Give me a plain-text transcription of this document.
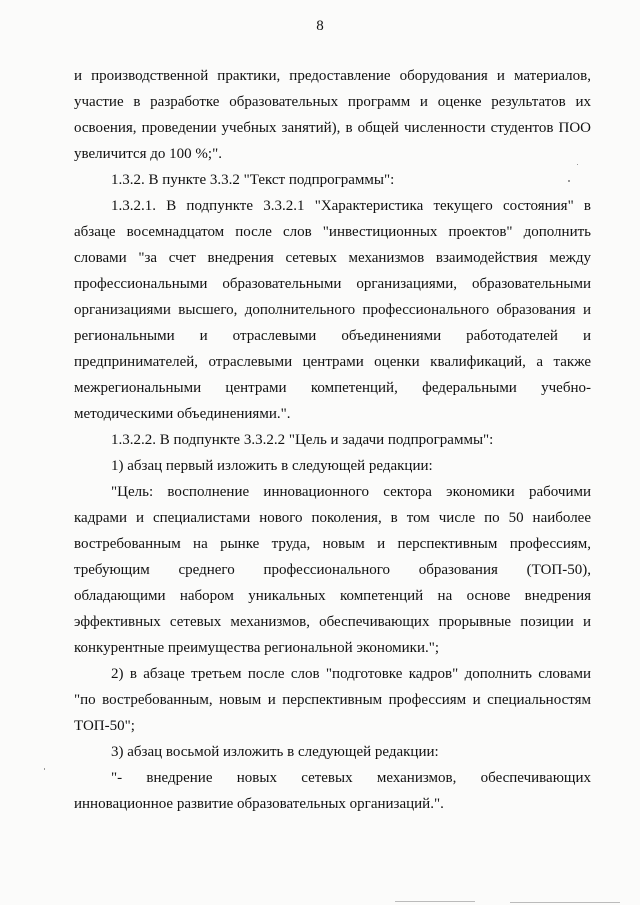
8
и производственной практики, предоставление оборудования и материалов,
участие в разработке образовательных программ и оценке результатов их
освоения, проведении учебных занятий), в общей численности студентов ПОО
увеличится до 100 %;".
1.3.2. В пункте 3.3.2 "Текст подпрограммы":
1.3.2.1. В подпункте 3.3.2.1 "Характеристика текущего состояния" в
абзаце восемнадцатом после слов "инвестиционных проектов" дополнить
словами "за счет внедрения сетевых механизмов взаимодействия между
профессиональными образовательными организациями, образовательными
организациями высшего, дополнительного профессионального образования и
региональными и отраслевыми объединениями работодателей и
предпринимателей, отраслевыми центрами оценки квалификаций, а также
межрегиональными центрами компетенций, федеральными учебно-
методическими объединениями.".
1.3.2.2. В подпункте 3.3.2.2 "Цель и задачи подпрограммы":
1) абзац первый изложить в следующей редакции:
"Цель: восполнение инновационного сектора экономики рабочими
кадрами и специалистами нового поколения, в том числе по 50 наиболее
востребованным на рынке труда, новым и перспективным профессиям,
требующим среднего профессионального образования (ТОП-50),
обладающими набором уникальных компетенций на основе внедрения
эффективных сетевых механизмов, обеспечивающих прорывные позиции и
конкурентные преимущества региональной экономики.";
2) в абзаце третьем после слов "подготовке кадров" дополнить словами
"по востребованным, новым и перспективным профессиям и специальностям
ТОП-50";
3) абзац восьмой изложить в следующей редакции:
"- внедрение новых сетевых механизмов, обеспечивающих
инновационное развитие образовательных организаций.".
